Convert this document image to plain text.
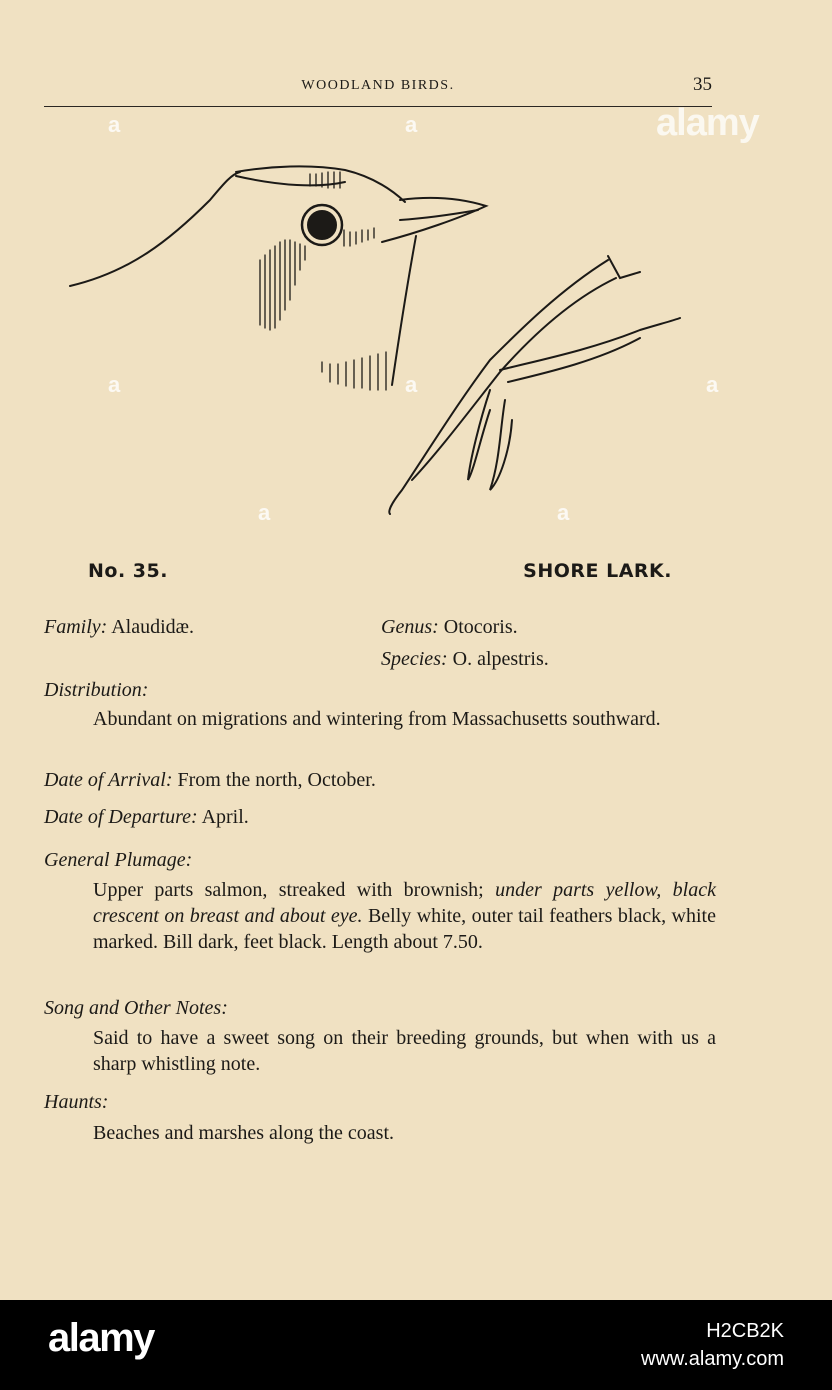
WOODLAND BIRDS.	35
alamy
a	a
a	a	a
a	a
No. 35.	SHORE LARK.
Family: Alaudidæ.	Genus: Otocoris.
Species: O. alpestris.
Distribution:
Abundant on migrations and wintering from Massachusetts southward.
Date of Arrival: From the north, October.
Date of Departure: April.
General Plumage:
Upper parts salmon, streaked with brownish; under parts yellow, black crescent on breast and about eye. Belly white, outer tail feathers black, white marked. Bill dark, feet black. Length about 7.50.
Song and Other Notes:
Said to have a sweet song on their breeding grounds, but when with us a sharp whistling note.
Haunts:
Beaches and marshes along the coast.
alamy	H2CB2K
www.alamy.com
